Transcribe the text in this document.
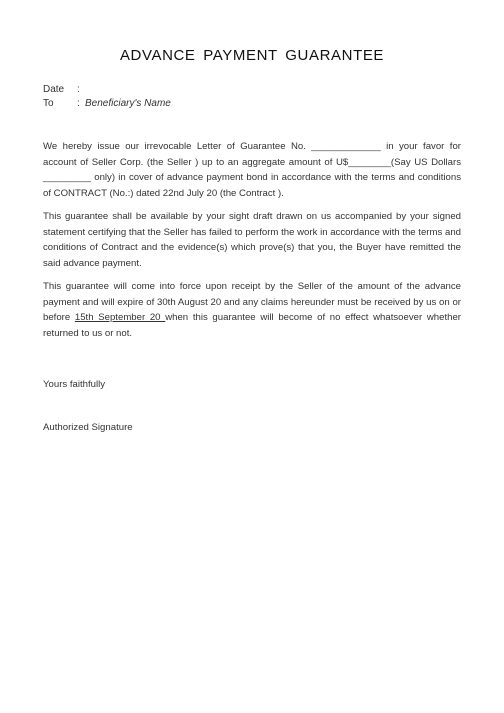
ADVANCE PAYMENT GUARANTEE
Date :
To : Beneficiary's Name
We hereby issue our irrevocable Letter of Guarantee No. _____________ in your favor for account of Seller Corp. (the Seller ) up to an aggregate amount of U$________(Say US Dollars _________ only) in cover of advance payment bond in accordance with the terms and conditions of CONTRACT (No.:) dated 22nd July 20 (the Contract ).
This guarantee shall be available by your sight draft drawn on us accompanied by your signed statement certifying that the Seller has failed to perform the work in accordance with the terms and conditions of Contract and the evidence(s) which prove(s) that you, the Buyer have remitted the said advance payment.
This guarantee will come into force upon receipt by the Seller of the amount of the advance payment and will expire of 30th August 20 and any claims hereunder must be received by us on or before 15th September 20 when this guarantee will become of no effect whatsoever whether returned to us or not.
Yours faithfully
Authorized Signature
